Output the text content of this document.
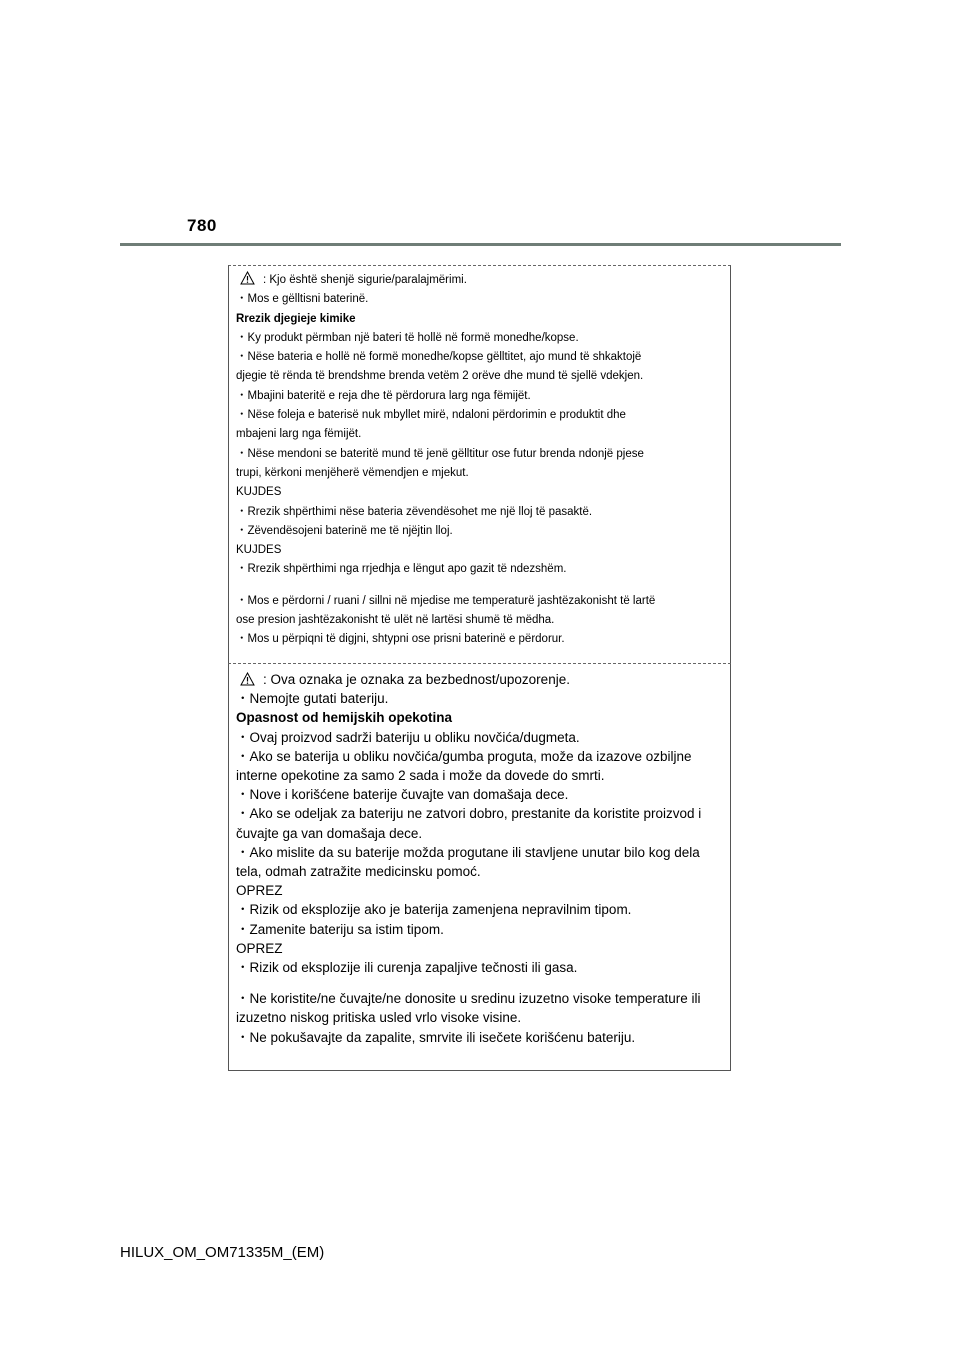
780
: Kjo është shenjë sigurie/paralajmërimi.
・Mos e gëlltisni baterinë.
Rrezik djegieje kimike
・Ky produkt përmban një bateri të hollë në formë monedhe/kopse.
・Nëse bateria e hollë në formë monedhe/kopse gëlltitet, ajo mund të shkaktojë
djegie të rënda të brendshme brenda vetëm 2 orëve dhe mund të sjellë vdekjen.
・Mbajini bateritë e reja dhe të përdorura larg nga fëmijët.
・Nëse foleja e baterisë nuk mbyllet mirë, ndaloni përdorimin e produktit dhe
mbajeni larg nga fëmijët.
・Nëse mendoni se bateritë mund të jenë gëlltitur ose futur brenda ndonjë pjese
trupi, kërkoni menjëherë vëmendjen e mjekut.
KUJDES
・Rrezik shpërthimi nëse bateria zëvendësohet me një lloj të pasaktë.
・Zëvendësojeni baterinë me të njëjtin lloj.
KUJDES
・Rrezik shpërthimi nga rrjedhja e lëngut apo gazit të ndezshëm.
・Mos e përdorni / ruani / sillni në mjedise me temperaturë jashtëzakonisht të lartë
ose presion jashtëzakonisht të ulët në lartësi shumë të mëdha.
・Mos u përpiqni të digjni, shtypni ose prisni baterinë e përdorur.
: Ova oznaka je oznaka za bezbednost/upozorenje.
・Nemojte gutati bateriju.
Opasnost od hemijskih opekotina
・Ovaj proizvod sadrži bateriju u obliku novčića/dugmeta.
・Ako se baterija u obliku novčića/gumba proguta, može da izazove ozbiljne
interne opekotine za samo 2 sada i može da dovede do smrti.
・Nove i korišćene baterije čuvajte van domašaja dece.
・Ako se odeljak za bateriju ne zatvori dobro, prestanite da koristite proizvod i
čuvajte ga van domašaja dece.
・Ako mislite da su baterije možda progutane ili stavljene unutar bilo kog dela
tela, odmah zatražite medicinsku pomoć.
OPREZ
・Rizik od eksplozije ako je baterija zamenjena nepravilnim tipom.
・Zamenite bateriju sa istim tipom.
OPREZ
・Rizik od eksplozije ili curenja zapaljive tečnosti ili gasa.
・Ne koristite/ne čuvajte/ne donosite u sredinu izuzetno visoke temperature ili
izuzetno niskog pritiska usled vrlo visoke visine.
・Ne pokušavajte da zapalite, smrvite ili isečete korišćenu bateriju.
HILUX_OM_OM71335M_(EM)
